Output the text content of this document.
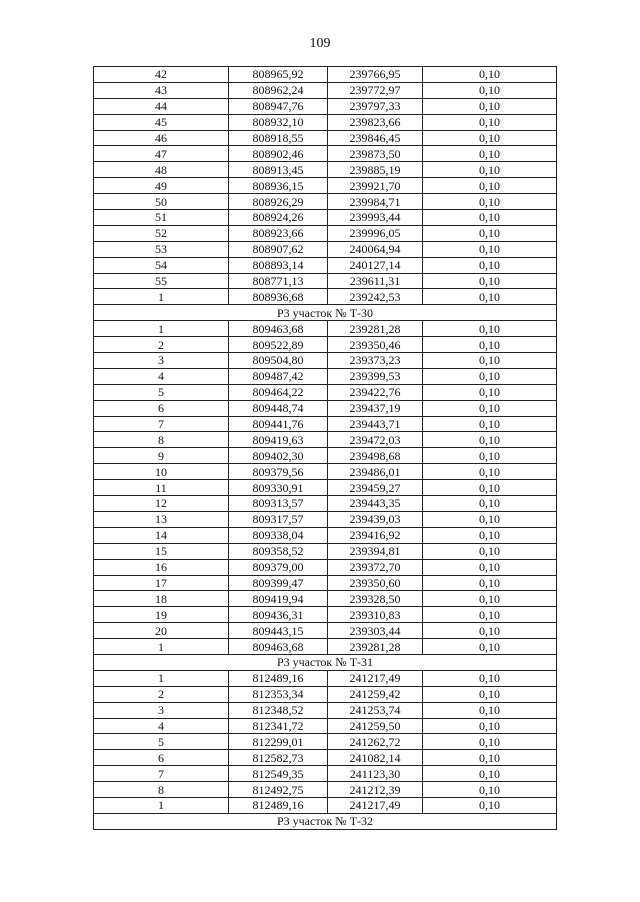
109
42	808965,92	239766,95	0,10
43	808962,24	239772,97	0,10
44	808947,76	239797,33	0,10
45	808932,10	239823,66	0,10
46	808918,55	239846,45	0,10
47	808902,46	239873,50	0,10
48	808913,45	239885,19	0,10
49	808936,15	239921,70	0,10
50	808926,29	239984,71	0,10
51	808924,26	239993,44	0,10
52	808923,66	239996,05	0,10
53	808907,62	240064,94	0,10
54	808893,14	240127,14	0,10
55	808771,13	239611,31	0,10
1	808936,68	239242,53	0,10
Р3 участок № Т-30			
1	809463,68	239281,28	0,10
2	809522,89	239350,46	0,10
3	809504,80	239373,23	0,10
4	809487,42	239399,53	0,10
5	809464,22	239422,76	0,10
6	809448,74	239437,19	0,10
7	809441,76	239443,71	0,10
8	809419,63	239472,03	0,10
9	809402,30	239498,68	0,10
10	809379,56	239486,01	0,10
11	809330,91	239459,27	0,10
12	809313,57	239443,35	0,10
13	809317,57	239439,03	0,10
14	809338,04	239416,92	0,10
15	809358,52	239394,81	0,10
16	809379,00	239372,70	0,10
17	809399,47	239350,60	0,10
18	809419,94	239328,50	0,10
19	809436,31	239310,83	0,10
20	809443,15	239303,44	0,10
1	809463,68	239281,28	0,10
Р3 участок № Т-31			
1	812489,16	241217,49	0,10
2	812353,34	241259,42	0,10
3	812348,52	241253,74	0,10
4	812341,72	241259,50	0,10
5	812299,01	241262,72	0,10
6	812582,73	241082,14	0,10
7	812549,35	241123,30	0,10
8	812492,75	241212,39	0,10
1	812489,16	241217,49	0,10
Р3 участок № Т-32			
